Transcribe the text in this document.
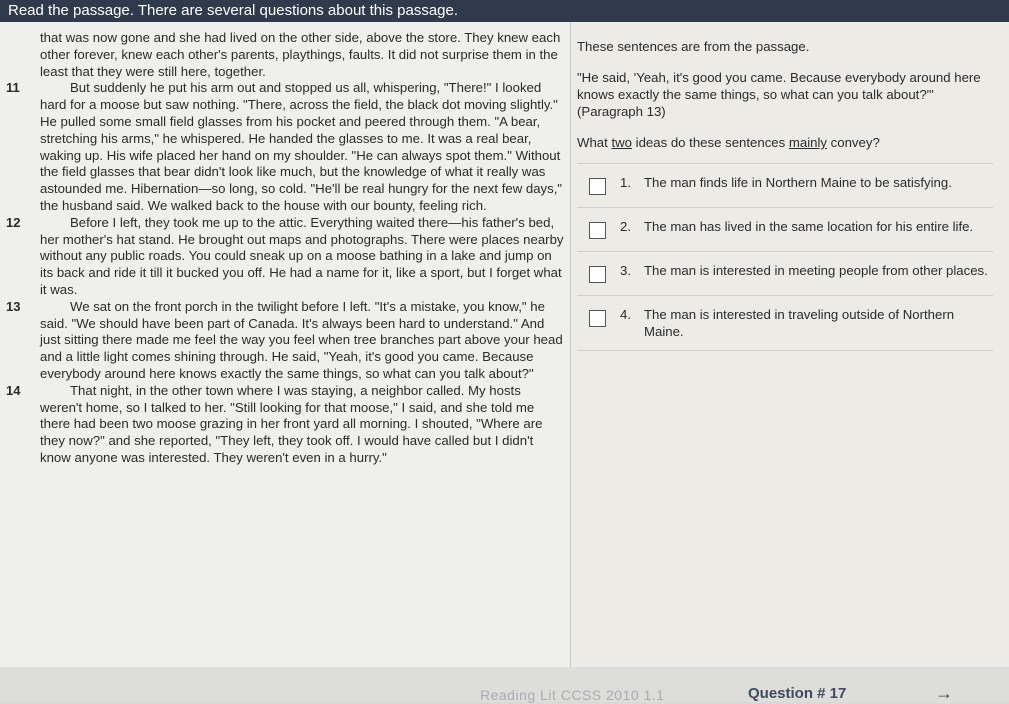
Read the passage. There are several questions about this passage.

that was now gone and she had lived on the other side, above the store. They knew each other forever, knew each other's parents, playthings, faults. It did not surprise them in the least that they were still here, together.

11	But suddenly he put his arm out and stopped us all, whispering, "There!" I looked hard for a moose but saw nothing. "There, across the field, the black dot moving slightly." He pulled some small field glasses from his pocket and peered through them. "A bear, stretching his arms," he whispered. He handed the glasses to me. It was a real bear, waking up. His wife placed her hand on my shoulder. "He can always spot them." Without the field glasses that bear didn't look like much, but the knowledge of what it really was astounded me. Hibernation—so long, so cold. "He'll be real hungry for the next few days," the husband said. We walked back to the house with our bounty, feeling rich.

12	Before I left, they took me up to the attic. Everything waited there—his father's bed, her mother's hat stand. He brought out maps and photographs. There were places nearby without any public roads. You could sneak up on a moose bathing in a lake and jump on its back and ride it till it bucked you off. He had a name for it, like a sport, but I forget what it was.

13	We sat on the front porch in the twilight before I left. "It's a mistake, you know," he said. "We should have been part of Canada. It's always been hard to understand." And just sitting there made me feel the way you feel when tree branches part above your head and a little light comes shining through. He said, "Yeah, it's good you came. Because everybody around here knows exactly the same things, so what can you talk about?"

14	That night, in the other town where I was staying, a neighbor called. My hosts weren't home, so I talked to her. "Still looking for that moose," I said, and she told me there had been two moose grazing in her front yard all morning. I shouted, "Where are they now?" and she reported, "They left, they took off. I would have called but I didn't know anyone was interested. They weren't even in a hurry."

These sentences are from the passage.

"He said, 'Yeah, it's good you came. Because everybody around here knows exactly the same things, so what can you talk about?'" (Paragraph 13)

What two ideas do these sentences mainly convey?

1. The man finds life in Northern Maine to be satisfying.
2. The man has lived in the same location for his entire life.
3. The man is interested in meeting people from other places.
4. The man is interested in traveling outside of Northern Maine.
Reading Lit CCSS 2010 1.1	Question # 17	→
